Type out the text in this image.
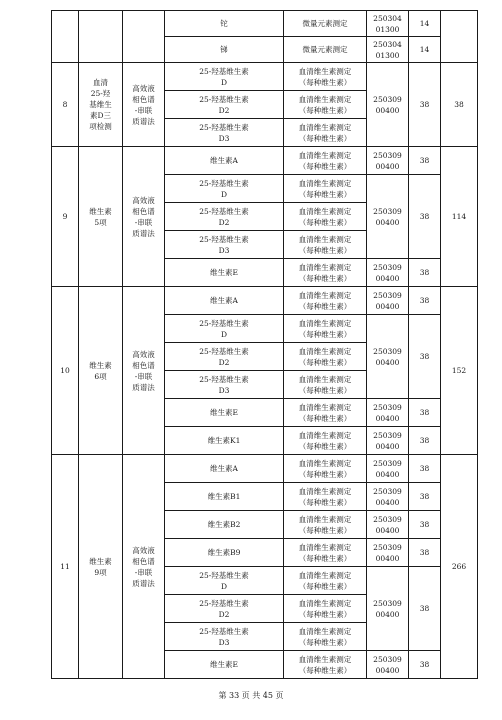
			铊	微量元素测定	250304
01300	14	
			锑	微量元素测定	250304
01300	14	
8	血清
25-羟
基维生
素D三
项检测	高效液
相色谱
-串联
质谱法	25-羟基维生素
D	血清维生素测定
（每种维生素）	250309
00400	38	38
			25-羟基维生素
D2	血清维生素测定
（每种维生素）			
			25-羟基维生素
D3	血清维生素测定
（每种维生素）			
9	维生素
5项	高效液
相色谱
-串联
质谱法	维生素A	血清维生素测定
（每种维生素）	250309
00400	38	114
			25-羟基维生素
D	血清维生素测定
（每种维生素）	250309
00400	38	
			25-羟基维生素
D2	血清维生素测定
（每种维生素）			
			25-羟基维生素
D3	血清维生素测定
（每种维生素）			
			维生素E	血清维生素测定
（每种维生素）	250309
00400	38	
10	维生素
6项	高效液
相色谱
-串联
质谱法	维生素A	血清维生素测定
（每种维生素）	250309
00400	38	152
			25-羟基维生素
D	血清维生素测定
（每种维生素）	250309
00400	38	
			25-羟基维生素
D2	血清维生素测定
（每种维生素）			
			25-羟基维生素
D3	血清维生素测定
（每种维生素）			
			维生素E	血清维生素测定
（每种维生素）	250309
00400	38	
			维生素K1	血清维生素测定
（每种维生素）	250309
00400	38	
11	维生素
9项	高效液
相色谱
-串联
质谱法	维生素A	血清维生素测定
（每种维生素）	250309
00400	38	266
			维生素B1	血清维生素测定
（每种维生素）	250309
00400	38	
			维生素B2	血清维生素测定
（每种维生素）	250309
00400	38	
			维生素B9	血清维生素测定
（每种维生素）	250309
00400	38	
			25-羟基维生素
D	血清维生素测定
（每种维生素）	250309
00400	38	
			25-羟基维生素
D2	血清维生素测定
（每种维生素）			
			25-羟基维生素
D3	血清维生素测定
（每种维生素）			
			维生素E	血清维生素测定
（每种维生素）	250309
00400	38	
第 33 页 共 45 页
